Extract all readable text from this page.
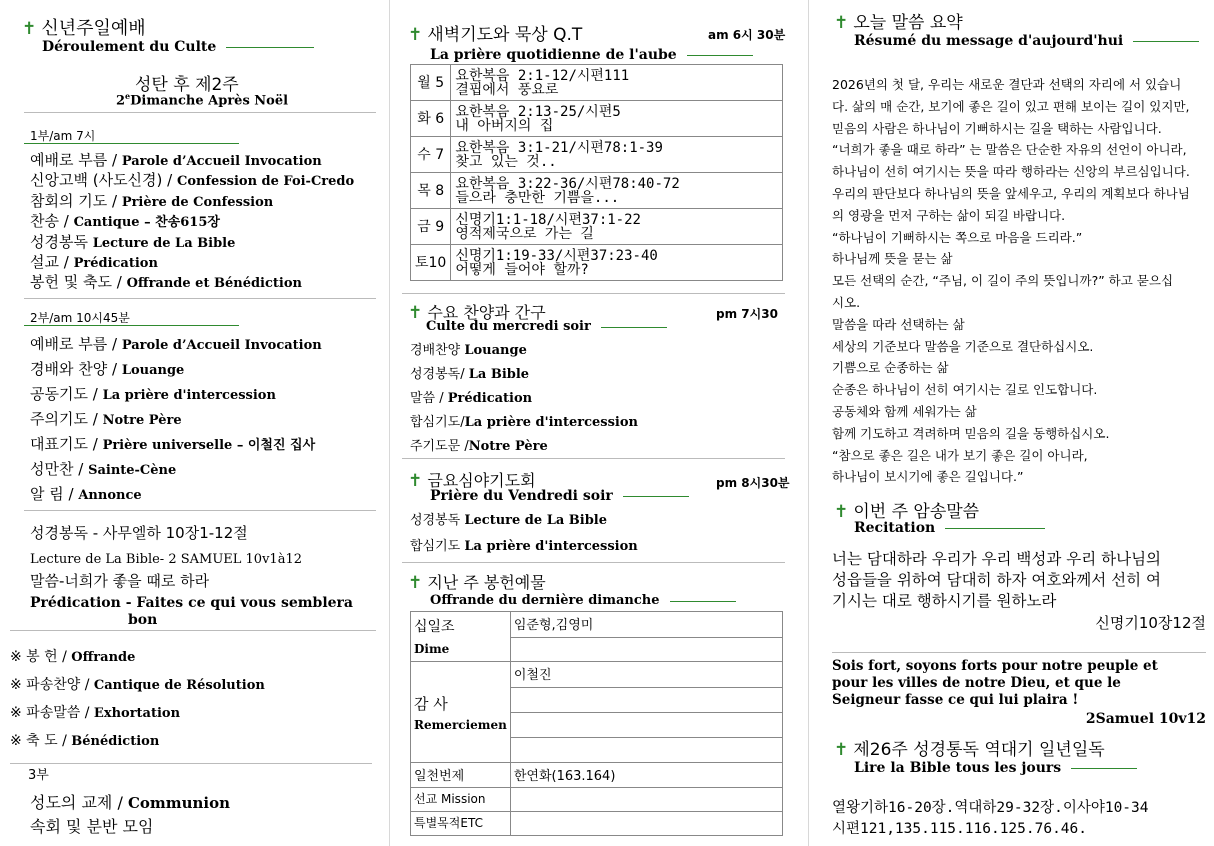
✝ 신년주일예배
Déroulement du Culte
성탄 후 제2주
2eDimanche Après Noël
1부/am 7시
예배로 부름 / Parole d’Accueil Invocation
신앙고백 (사도신경) / Confession de Foi-Credo
참회의 기도 / Prière de Confession
찬송 / Cantique – 찬송615장
성경봉독 Lecture de La Bible
설교 / Prédication
봉헌 및 축도 / Offrande et Bénédiction
2부/am 10시45분
예배로 부름 / Parole d’Accueil Invocation
경배와 찬양 / Louange
공동기도 / La prière d'intercession
주의기도 / Notre Père
대표기도 / Prière universelle – 이철진 집사
성만찬 / Sainte-Cène
알 림 / Annonce
성경봉독 - 사무엘하 10장1-12절
Lecture de La Bible- 2 SAMUEL 10v1à12
말씀-너희가 좋을 때로 하라
Prédication - Faites ce qui vous semblera
bon
※ 봉 헌 / Offrande
※ 파송찬양 / Cantique de Résolution
※ 파송말씀 / Exhortation
※ 축 도 / Bénédiction
3부
성도의 교제 / Communion
속회 및 분반 모임
✝ 새벽기도와 묵상 Q.T	am 6시 30분
La prière quotidienne de l'aube
월 5	요한복음 2:1-12/시편111
결핍에서 풍요로

화 6	요한복음 2:13-25/시편5
내 아버지의 집

수 7	요한복음 3:1-21/시편78:1-39
찾고 있는 것..

목 8	요한복음 3:22-36/시편78:40-72
들으라 충만한 기쁨을...

금 9	신명기1:1-18/시편37:1-22
영적제국으로 가는 길

토10	신명기1:19-33/시편37:23-40
어떻게 들어야 할까?
✝ 수요 찬양과 간구	pm 7시30
Culte du mercredi soir
경배찬양 Louange
성경봉독/ La Bible
말씀 / Prédication
합심기도/La prière d'intercession
주기도문 /Notre Père
✝ 금요심야기도회	pm 8시30분
Prière du Vendredi soir
성경봉독 Lecture de La Bible
합심기도 La prière d'intercession
✝ 지난 주 봉헌예물
Offrande du dernière dimanche
십일조
Dime	임준형,김영미

감 사
Remerciemen	이철진

일천번제	한연화(163.164)
선교 Mission	
특별목적ETC	
✝ 오늘 말씀 요약
Résumé du message d'aujourd'hui
2026년의 첫 달, 우리는 새로운 결단과 선택의 자리에 서 있습니
다. 삶의 매 순간, 보기에 좋은 길이 있고 편해 보이는 길이 있지만,
믿음의 사람은 하나님이 기뻐하시는 길을 택하는 사람입니다.
“너희가 좋을 때로 하라” 는 말씀은 단순한 자유의 선언이 아니라,
하나님이 선히 여기시는 뜻을 따라 행하라는 신앙의 부르심입니다.
우리의 판단보다 하나님의 뜻을 앞세우고, 우리의 계획보다 하나님
의 영광을 먼저 구하는 삶이 되길 바랍니다.
“하나님이 기뻐하시는 쪽으로 마음을 드리라.”
하나님께 뜻을 묻는 삶
모든 선택의 순간, “주님, 이 길이 주의 뜻입니까?” 하고 묻으십
시오.
말씀을 따라 선택하는 삶
세상의 기준보다 말씀을 기준으로 결단하십시오.
기쁨으로 순종하는 삶
순종은 하나님이 선히 여기시는 길로 인도합니다.
공동체와 함께 세워가는 삶
함께 기도하고 격려하며 믿음의 길을 동행하십시오.
“참으로 좋은 길은 내가 보기 좋은 길이 아니라,
하나님이 보시기에 좋은 길입니다.”
✝ 이번 주 암송말씀
Recitation
너는 담대하라 우리가 우리 백성과 우리 하나님의
성읍들을 위하여 담대히 하자 여호와께서 선히 여
기시는 대로 행하시기를 원하노라
신명기10장12절
Sois fort, soyons forts pour notre peuple et
pour les villes de notre Dieu, et que le
Seigneur fasse ce qui lui plaira !
2Samuel 10v12
✝ 제26주 성경통독 역대기 일년일독
Lire la Bible tous les jours
열왕기하16-20장.역대하29-32장.이사야10-34
시편121,135.115.116.125.76.46.
